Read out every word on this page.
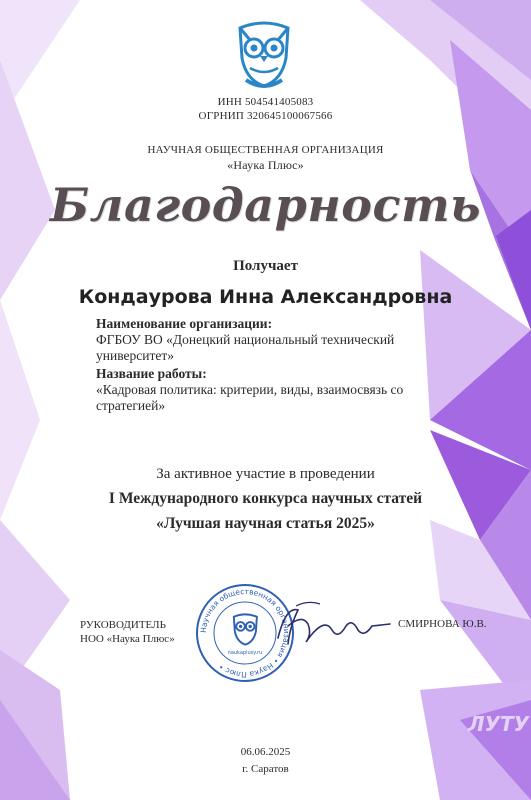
ИНН 504541405083
ОГРНИП 320645100067566
НАУЧНАЯ ОБЩЕСТВЕННАЯ ОРГАНИЗАЦИЯ
«Наука Плюс»
Благодарность
Получает
Кондаурова Инна Александровна
Наименование организации:
ФГБОУ ВО «Донецкий национальный технический университет»
Название работы:
«Кадровая политика: критерии, виды, взаимосвязь со стратегией»
За активное участие в проведении
I Международного конкурса научных статей
«Лучшая научная статья 2025»
РУКОВОДИТЕЛЬ
НОО «Наука Плюс»
Научная общественная организация • Наука Плюс •
naukaplusy.ru
СМИРНОВА Ю.В.
06.06.2025
г. Саратов
ЛУТУ
